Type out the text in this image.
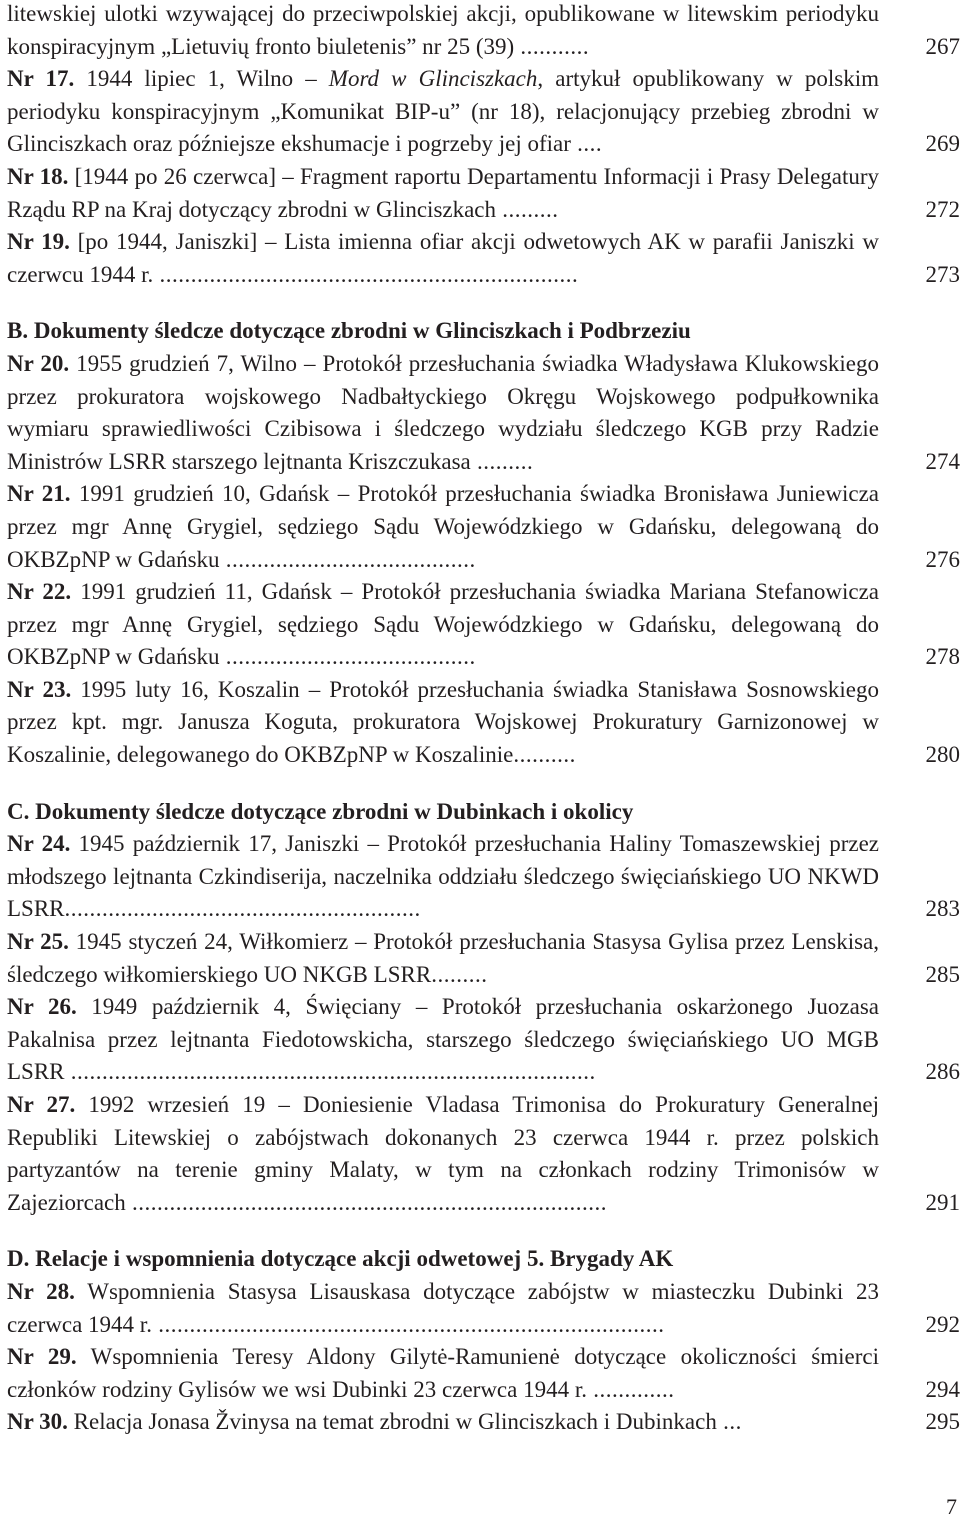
litewskiej ulotki wzywającej do przeciwpolskiej akcji, opublikowane w litewskim periodyku konspiracyjnym „Lietuvių fronto biuletenis” nr 25 (39) ...........	267
Nr 17. 1944 lipiec 1, Wilno – Mord w Glinciszkach, artykuł opublikowany w polskim periodyku konspiracyjnym „Komunikat BIP-u” (nr 18), relacjonujący przebieg zbrodni w Glinciszkach oraz późniejsze ekshumacje i pogrzeby jej ofiar ....	269
Nr 18. [1944 po 26 czerwca] – Fragment raportu Departamentu Informacji i Prasy Delegatury Rządu RP na Kraj dotyczący zbrodni w Glinciszkach .........	272
Nr 19. [po 1944, Janiszki] – Lista imienna ofiar akcji odwetowych AK w parafii Janiszki w czerwcu 1944 r. ...................................................................	273
B. Dokumenty śledcze dotyczące zbrodni w Glinciszkach i Podbrzeziu
Nr 20. 1955 grudzień 7, Wilno – Protokół przesłuchania świadka Władysława Klukowskiego przez prokuratora wojskowego Nadbałtyckiego Okręgu Wojskowego podpułkownika wymiaru sprawiedliwości Czibisowa i śledczego wydziału śledczego KGB przy Radzie Ministrów LSRR starszego lejtnanta Kriszczukasa .........	274
Nr 21. 1991 grudzień 10, Gdańsk – Protokół przesłuchania świadka Bronisława Juniewicza przez mgr Annę Grygiel, sędziego Sądu Wojewódzkiego w Gdańsku, delegowaną do OKBZpNP w Gdańsku ........................................	276
Nr 22. 1991 grudzień 11, Gdańsk – Protokół przesłuchania świadka Mariana Stefanowicza przez mgr Annę Grygiel, sędziego Sądu Wojewódzkiego w Gdańsku, delegowaną do OKBZpNP w Gdańsku ........................................	278
Nr 23. 1995 luty 16, Koszalin – Protokół przesłuchania świadka Stanisława Sosnowskiego przez kpt. mgr. Janusza Koguta, prokuratora Wojskowej Prokuratury Garnizonowej w Koszalinie, delegowanego do OKBZpNP w Koszalinie..........	280
C. Dokumenty śledcze dotyczące zbrodni w Dubinkach i okolicy
Nr 24. 1945 październik 17, Janiszki – Protokół przesłuchania Haliny Tomaszewskiej przez młodszego lejtnanta Czkindiserija, naczelnika oddziału śledczego święciańskiego UO NKWD LSRR.........................................................	283
Nr 25. 1945 styczeń 24, Wiłkomierz – Protokół przesłuchania Stasysa Gylisa przez Lenskisa, śledczego wiłkomierskiego UO NKGB LSRR.........	285
Nr 26. 1949 październik 4, Święciany – Protokół przesłuchania oskarżonego Juozasa Pakalnisa przez lejtnanta Fiedotowskicha, starszego śledczego święciańskiego UO MGB LSRR ....................................................................................	286
Nr 27. 1992 wrzesień 19 – Doniesienie Vladasa Trimonisa do Prokuratury Generalnej Republiki Litewskiej o zabójstwach dokonanych 23 czerwca 1944 r. przez polskich partyzantów na terenie gminy Malaty, w tym na członkach rodziny Trimonisów w Zajeziorcach ............................................................................	291
D. Relacje i wspomnienia dotyczące akcji odwetowej 5. Brygady AK
Nr 28. Wspomnienia Stasysa Lisauskasa dotyczące zabójstw w miasteczku Dubinki 23 czerwca 1944 r. .................................................................................	292
Nr 29. Wspomnienia Teresy Aldony Gilytė-Ramunienė dotyczące okoliczności śmierci członków rodziny Gylisów we wsi Dubinki 23 czerwca 1944 r. .............	294
Nr 30. Relacja Jonasa Žvinysa na temat zbrodni w Glinciszkach i Dubinkach ...	295
7
